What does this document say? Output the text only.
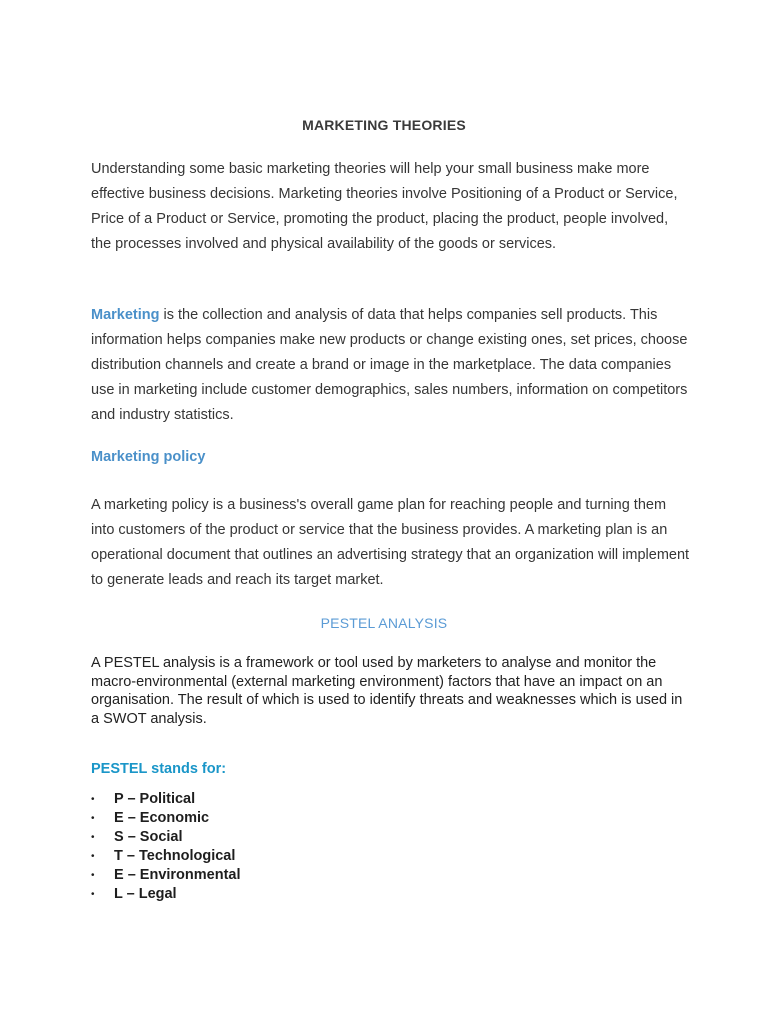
MARKETING THEORIES

Understanding some basic marketing theories will help your small business make more effective business decisions. Marketing theories involve Positioning of a Product or Service, Price of a Product or Service, promoting the product, placing the product, people involved, the processes involved and physical availability of the goods or services.

Marketing is the collection and analysis of data that helps companies sell products. This information helps companies make new products or change existing ones, set prices, choose distribution channels and create a brand or image in the marketplace. The data companies use in marketing include customer demographics, sales numbers, information on competitors and industry statistics.

Marketing policy

A marketing policy is a business's overall game plan for reaching people and turning them into customers of the product or service that the business provides. A marketing plan is an operational document that outlines an advertising strategy that an organization will implement to generate leads and reach its target market.

PESTEL ANALYSIS

A PESTEL analysis is a framework or tool used by marketers to analyse and monitor the macro-environmental (external marketing environment) factors that have an impact on an organisation. The result of which is used to identify threats and weaknesses which is used in a SWOT analysis.

PESTEL stands for:
•	P – Political
•	E – Economic
•	S – Social
•	T – Technological
•	E – Environmental
•	L – Legal
